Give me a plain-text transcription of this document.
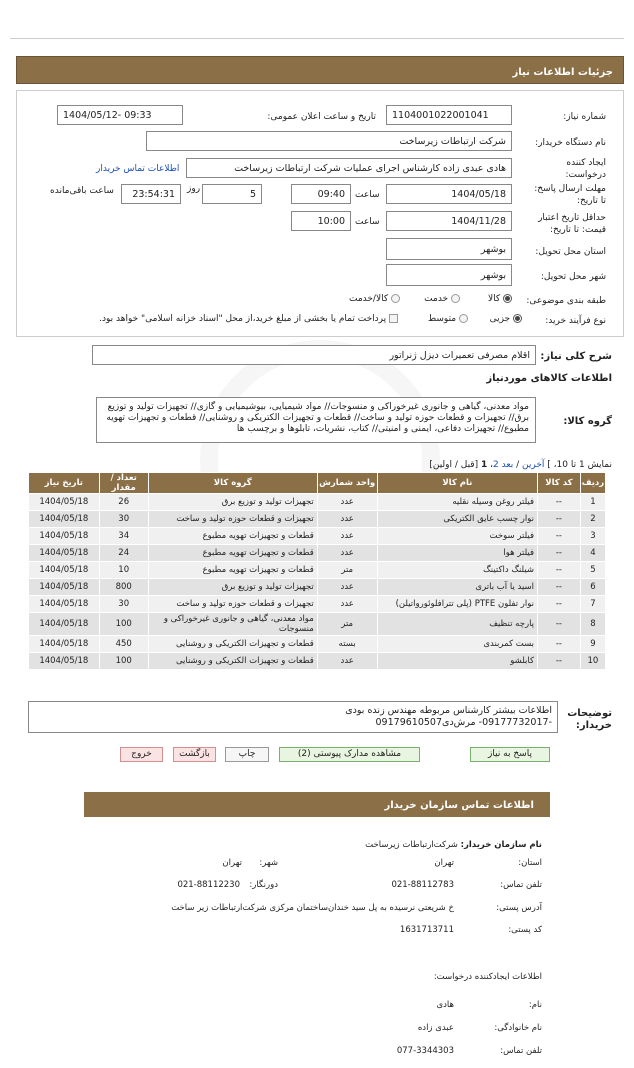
جزئیات اطلاعات نیاز
شماره نیاز:
1104001022001041
تاریخ و ساعت اعلان عمومی:
1404/05/12- 09:33
نام دستگاه خریدار:
شرکت ارتباطات زیرساخت
ایجاد کننده درخواست:
هادی عبدی زاده کارشناس اجرای عملیات شرکت ارتباطات زیرساخت
اطلاعات تماس خریدار
مهلت ارسال پاسخ: تا تاریخ:
1404/05/18
ساعت
09:40
5
روز
23:54:31
ساعت باقی‌مانده
حداقل تاریخ اعتبار قیمت: تا تاریخ:
1404/11/28
ساعت
10:00
استان محل تحویل:
بوشهر
شهر محل تحویل:
بوشهر
طبقه بندی موضوعی:
کالا
خدمت
کالا/خدمت
نوع فرآیند خرید:
جزیی
متوسط
پرداخت تمام یا بخشی از مبلغ خرید،از محل "اسناد خزانه اسلامی" خواهد بود.
شرح کلی نیاز:
اقلام مصرفی تعمیرات دیزل ژنراتور
اطلاعات کالاهای موردنیاز
گروه کالا:
مواد معدنی، گیاهی و جانوری غیرخوراکی و منسوجات// مواد شیمیایی، بیوشیمیایی و گازی// تجهیزات تولید و توزیع برق// تجهیزات و قطعات حوزه تولید و ساخت// قطعات و تجهیزات الکتریکی و روشنایی// قطعات و تجهیزات تهویه مطبوع// تجهیزات دفاعی، ایمنی و امنیتی// کتاب، نشریات، تابلوها و برچسب ها
نمایش 1 تا 10، ] آخرین / بعد 2، 1 [قبل / اولین]
ردیف	کد کالا	نام کالا	واحد شمارش	گروه کالا	تعداد / مقدار	تاریخ نیاز
1	--	فیلتر روغن وسیله نقلیه	عدد	تجهیزات تولید و توزیع برق	26	1404/05/18
2	--	نوار چسب عایق الکتریکی	عدد	تجهیزات و قطعات حوزه تولید و ساخت	30	1404/05/18
3	--	فیلتر سوخت	عدد	قطعات و تجهیزات تهویه مطبوع	34	1404/05/18
4	--	فیلتر هوا	عدد	قطعات و تجهیزات تهویه مطبوع	24	1404/05/18
5	--	شیلنگ داکتینگ	متر	قطعات و تجهیزات تهویه مطبوع	10	1404/05/18
6	--	اسید یا آب باتری	عدد	تجهیزات تولید و توزیع برق	800	1404/05/18
7	--	نوار تفلون PTFE (پلی تترافلوئورواتیلن)	عدد	تجهیزات و قطعات حوزه تولید و ساخت	30	1404/05/18
8	--	پارچه تنظیف	متر	مواد معدنی، گیاهی و جانوری غیرخوراکی و منسوجات	100	1404/05/18
9	--	بست کمربندی	بسته	قطعات و تجهیزات الکتریکی و روشنایی	450	1404/05/18
10	--	کابلشو	عدد	قطعات و تجهیزات الکتریکی و روشنایی	100	1404/05/18
توضیحات خریدار:
اطلاعات بیشتر کارشناس مربوطه مهندس زنده بودی
-09177732017- مرش‌دی09179610507
پاسخ به نیاز
مشاهده مدارک پیوستی (2)
چاپ
بازگشت
خروج
اطلاعات تماس سازمان خریدار
نام سازمان خریدار: شرکت‌ارتباطات زیرساخت
استان:
تهران
شهر:
تهران
تلفن تماس:
021-88112783
دورنگار:
021-88112230
آدرس پستی:
خ شریعتی نرسیده به پل سید خندان‌ساختمان مرکزی شرکت‌ارتباطات زیر ساخت
کد پستی:
1631713711
اطلاعات ایجادکننده درخواست:
نام:
هادی
نام خانوادگی:
عبدی زاده
تلفن تماس:
077-3344303
